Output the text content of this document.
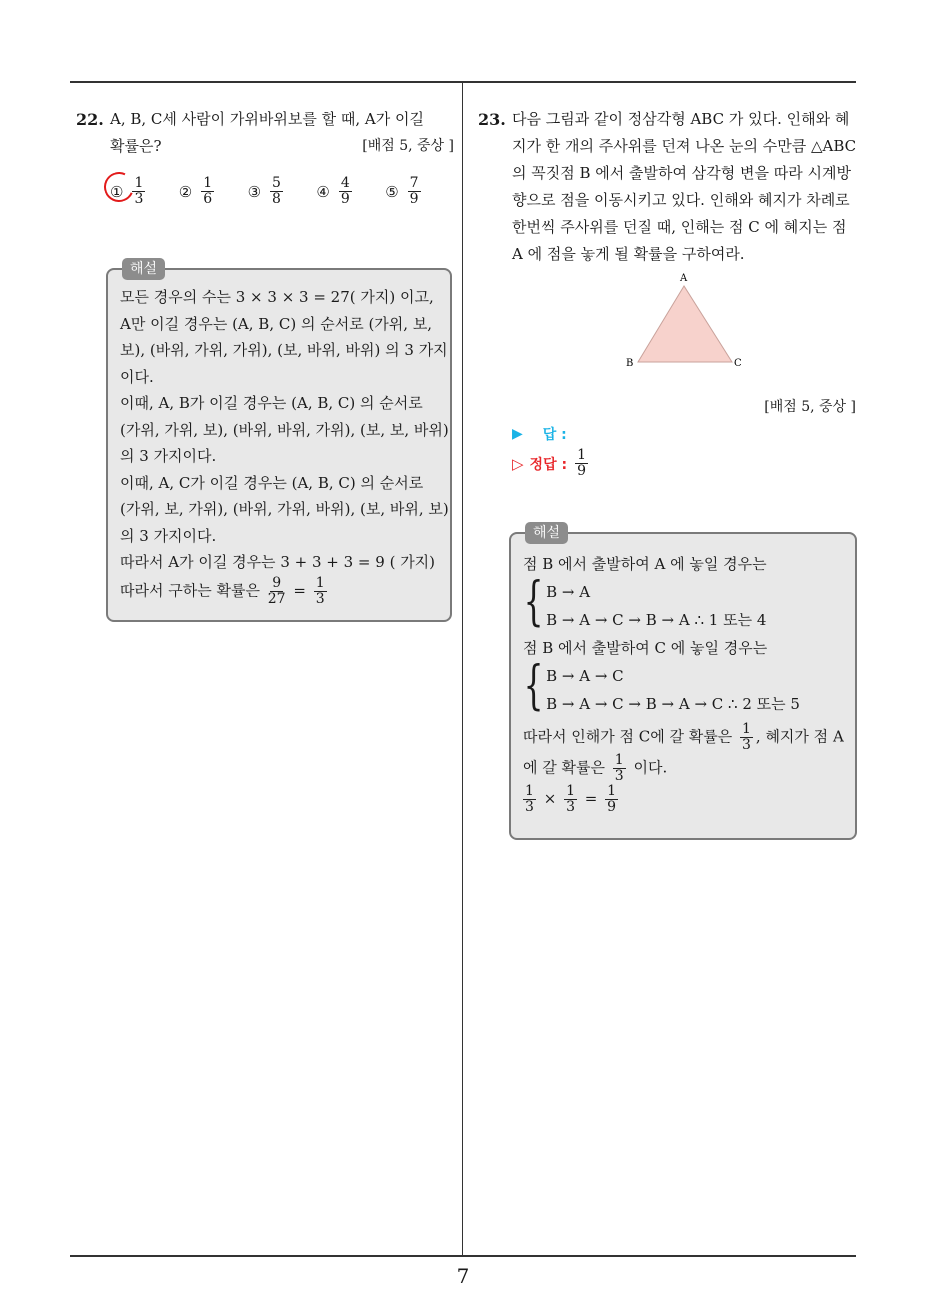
22. A, B, C세 사람이 가위바위보를 할 때, A가 이길
확률은?	[배점 5, 중상 ]
① $\frac{1}{3}$ ② $\frac{1}{6}$ ③ $\frac{5}{8}$ ④ $\frac{4}{9}$ ⑤ $\frac{7}{9}$
해설
모든 경우의 수는 3 × 3 × 3 = 27( 가지) 이고,
A만 이길 경우는 (A, B, C) 의 순서로 (가위, 보,
보), (바위, 가위, 가위), (보, 바위, 바위) 의 3 가지
이다.
이때, A, B가 이길 경우는 (A, B, C) 의 순서로
(가위, 가위, 보), (바위, 바위, 가위), (보, 보, 바위)
의 3 가지이다.
이때, A, C가 이길 경우는 (A, B, C) 의 순서로
(가위, 보, 가위), (바위, 가위, 바위), (보, 바위, 보)
의 3 가지이다.
따라서 A가 이길 경우는 3 + 3 + 3 = 9 ( 가지)
따라서 구하는 확률은 $\frac{9}{27} = \frac{1}{3}$
23. 다음 그림과 같이 정삼각형 ABC 가 있다. 인해와 혜
지가 한 개의 주사위를 던져 나온 눈의 수만큼 △ABC
의 꼭짓점 B 에서 출발하여 삼각형 변을 따라 시계방
향으로 점을 이동시키고 있다. 인해와 혜지가 차례로
한번씩 주사위를 던질 때, 인해는 점 C 에 혜지는 점
A 에 점을 놓게 될 확률을 구하여라.
A
B	C
[배점 5, 중상 ]
▶ 답 :
▷ 정답 : $\frac{1}{9}$
해설
점 B 에서 출발하여 A 에 놓일 경우는
{ B → A
B → A → C → B → A ∴ 1 또는 4
점 B 에서 출발하여 C 에 놓일 경우는
{ B → A → C
B → A → C → B → A → C ∴ 2 또는 5
따라서 인해가 점 C에 갈 확률은 $\frac{1}{3}$ , 혜지가 점 A
에 갈 확률은 $\frac{1}{3}$ 이다.
$\frac{1}{3} \times \frac{1}{3} = \frac{1}{9}$
7
